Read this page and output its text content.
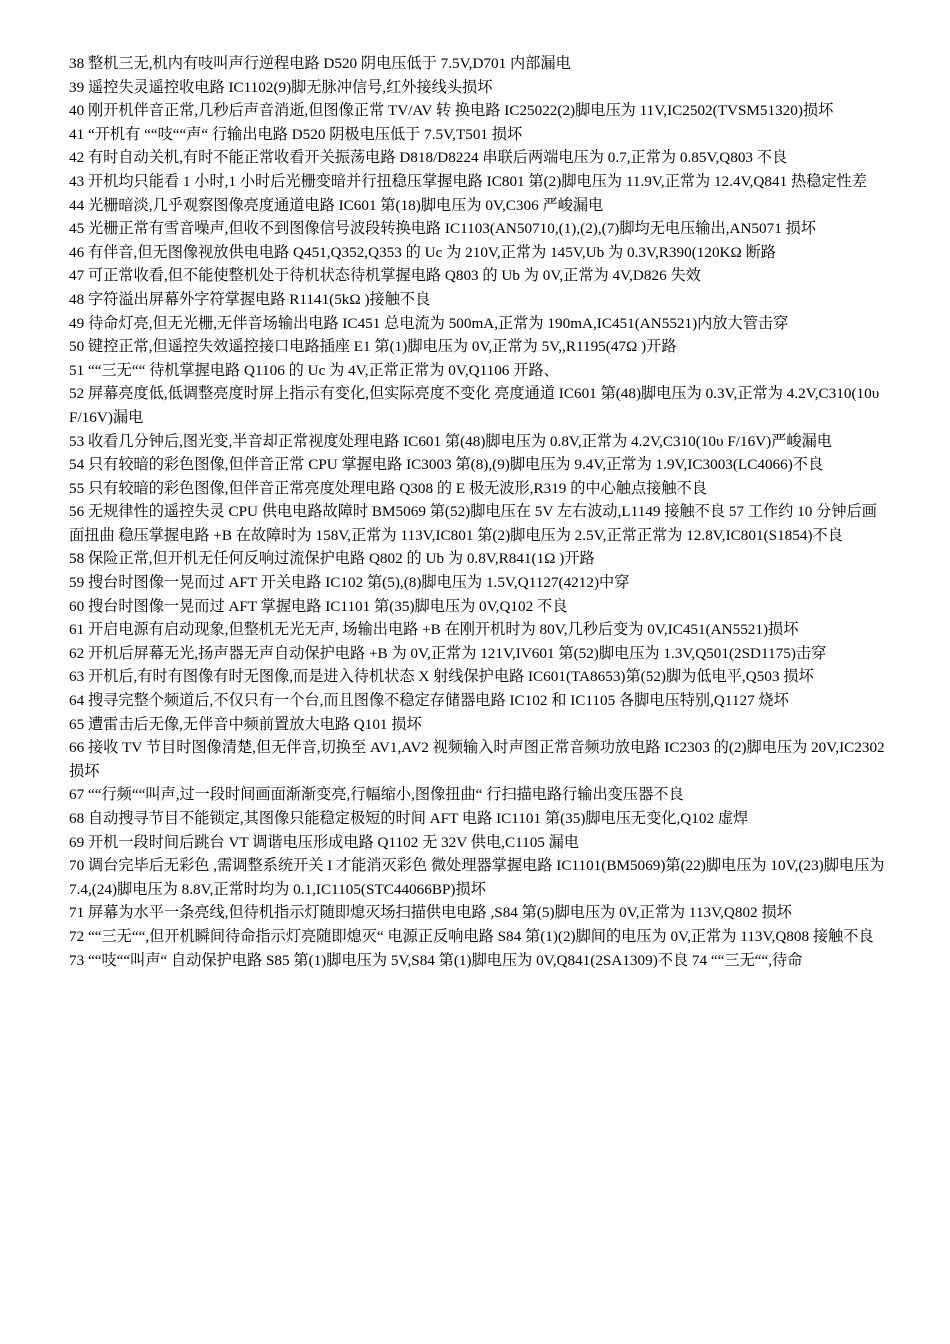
38 整机三无,机内有吱叫声行逆程电路 D520 阴电压低于 7.5V,D701 内部漏电

39 遥控失灵遥控收电路 IC1102(9)脚无脉冲信号,红外接线头损坏

40 刚开机伴音正常,几秒后声音消逝,但图像正常 TV/AV 转 换电路 IC25022(2)脚电压为 11V,IC2502(TVSM51320)损坏

41 “开机有 ““吱““声“ 行输出电路 D520 阴极电压低于 7.5V,T501 损坏

42 有时自动关机,有时不能正常收看开关振荡电路 D818/D8224 串联后两端电压为 0.7,正常为 0.85V,Q803 不良

43 开机均只能看 1 小时,1 小时后光栅变暗并行扭稳压掌握电路 IC801 第(2)脚电压为 11.9V,正常为 12.4V,Q841 热稳定性差

44 光栅暗淡,几乎观察图像亮度通道电路 IC601 第(18)脚电压为 0V,C306 严峻漏电

45 光栅正常有雪音噪声,但收不到图像信号波段转换电路 IC1103(AN50710,(1),(2),(7)脚均无电压输出,AN5071 损坏

46 有伴音,但无图像视放供电电路 Q451,Q352,Q353 的 Uc 为 210V,正常为 145V,Ub 为 0.3V,R390(120KΩ 断路

47 可正常收看,但不能使整机处于待机状态待机掌握电路 Q803 的 Ub 为 0V,正常为 4V,D826 失效

48 字符溢出屏幕外字符掌握电路 R1141(5kΩ )接触不良

49 待命灯亮,但无光栅,无伴音场输出电路 IC451 总电流为 500mA,正常为 190mA,IC451(AN5521)内放大管击穿

50 键控正常,但遥控失效遥控接口电路插座 E1 第(1)脚电压为 0V,正常为 5V,,R1195(47Ω )开路

51 ““三无““ 待机掌握电路 Q1106 的 Uc 为 4V,正常正常为 0V,Q1106 开路、

52 屏幕亮度低,低调整亮度时屏上指示有变化,但实际亮度不变化 亮度通道 IC601 第(48)脚电压为 0.3V,正常为 4.2V,C310(10υ F/16V)漏电

53 收看几分钟后,图光变,半音却正常视度处理电路 IC601 第(48)脚电压为 0.8V,正常为 4.2V,C310(10υ F/16V)严峻漏电

54 只有较暗的彩色图像,但伴音正常 CPU 掌握电路 IC3003 第(8),(9)脚电压为 9.4V,正常为 1.9V,IC3003(LC4066)不良

55 只有较暗的彩色图像,但伴音正常亮度处理电路 Q308 的 E 极无波形,R319 的中心触点接触不良

56 无规律性的遥控失灵 CPU 供电电路故障时 BM5069 第(52)脚电压在 5V 左右波动,L1149 接触不良 57 工作约 10 分钟后画面扭曲 稳压掌握电路 +B 在故障时为 158V,正常为 113V,IC801 第(2)脚电压为 2.5V,正常正常为 12.8V,IC801(S1854)不良

58 保险正常,但开机无任何反响过流保护电路 Q802 的 Ub 为 0.8V,R841(1Ω )开路

59 搜台时图像一晃而过 AFT 开关电路 IC102 第(5),(8)脚电压为 1.5V,Q1127(4212)中穿

60 搜台时图像一晃而过 AFT 掌握电路 IC1101 第(35)脚电压为 0V,Q102 不良

61 开启电源有启动现象,但整机无光无声, 场输出电路 +B 在刚开机时为 80V,几秒后变为 0V,IC451(AN5521)损坏

62 开机后屏幕无光,扬声器无声自动保护电路 +B 为 0V,正常为 121V,IV601 第(52)脚电压为 1.3V,Q501(2SD1175)击穿

63 开机后,有时有图像有时无图像,而是进入待机状态 X 射线保护电路 IC601(TA8653)第(52)脚为低电平,Q503 损坏

64 搜寻完整个频道后,不仅只有一个台,而且图像不稳定存储器电路 IC102 和 IC1105 各脚电压特别,Q1127 烧坏

65 遭雷击后无像,无伴音中频前置放大电路 Q101 损坏

66 接收 TV 节目时图像清楚,但无伴音,切换至 AV1,AV2 视频输入时声图正常音频功放电路 IC2303 的(2)脚电压为 20V,IC2302 损坏

67 ““行频““叫声,过一段时间画面渐渐变亮,行幅缩小,图像扭曲“ 行扫描电路行输出变压器不良

68 自动搜寻节目不能锁定,其图像只能稳定极短的时间 AFT 电路 IC1101 第(35)脚电压无变化,Q102 虚焊

69 开机一段时间后跳台 VT 调谐电压形成电路 Q1102 无 32V 供电,C1105 漏电

70 调台完毕后无彩色 ,需调整系统开关 I 才能消灭彩色 微处理器掌握电路 IC1101(BM5069)第(22)脚电压为 10V,(23)脚电压为 7.4,(24)脚电压为 8.8V,正常时均为 0.1,IC1105(STC44066BP)损坏

71 屏幕为水平一条亮线,但待机指示灯随即熄灭场扫描供电电路 ,S84 第(5)脚电压为 0V,正常为 113V,Q802 损坏

72 ““三无““,但开机瞬间待命指示灯亮随即熄灭“ 电源正反响电路 S84 第(1)(2)脚间的电压为 0V,正常为 113V,Q808 接触不良

73 ““吱““叫声“ 自动保护电路 S85 第(1)脚电压为 5V,S84 第(1)脚电压为 0V,Q841(2SA1309)不良 74 ““三无““,待命
